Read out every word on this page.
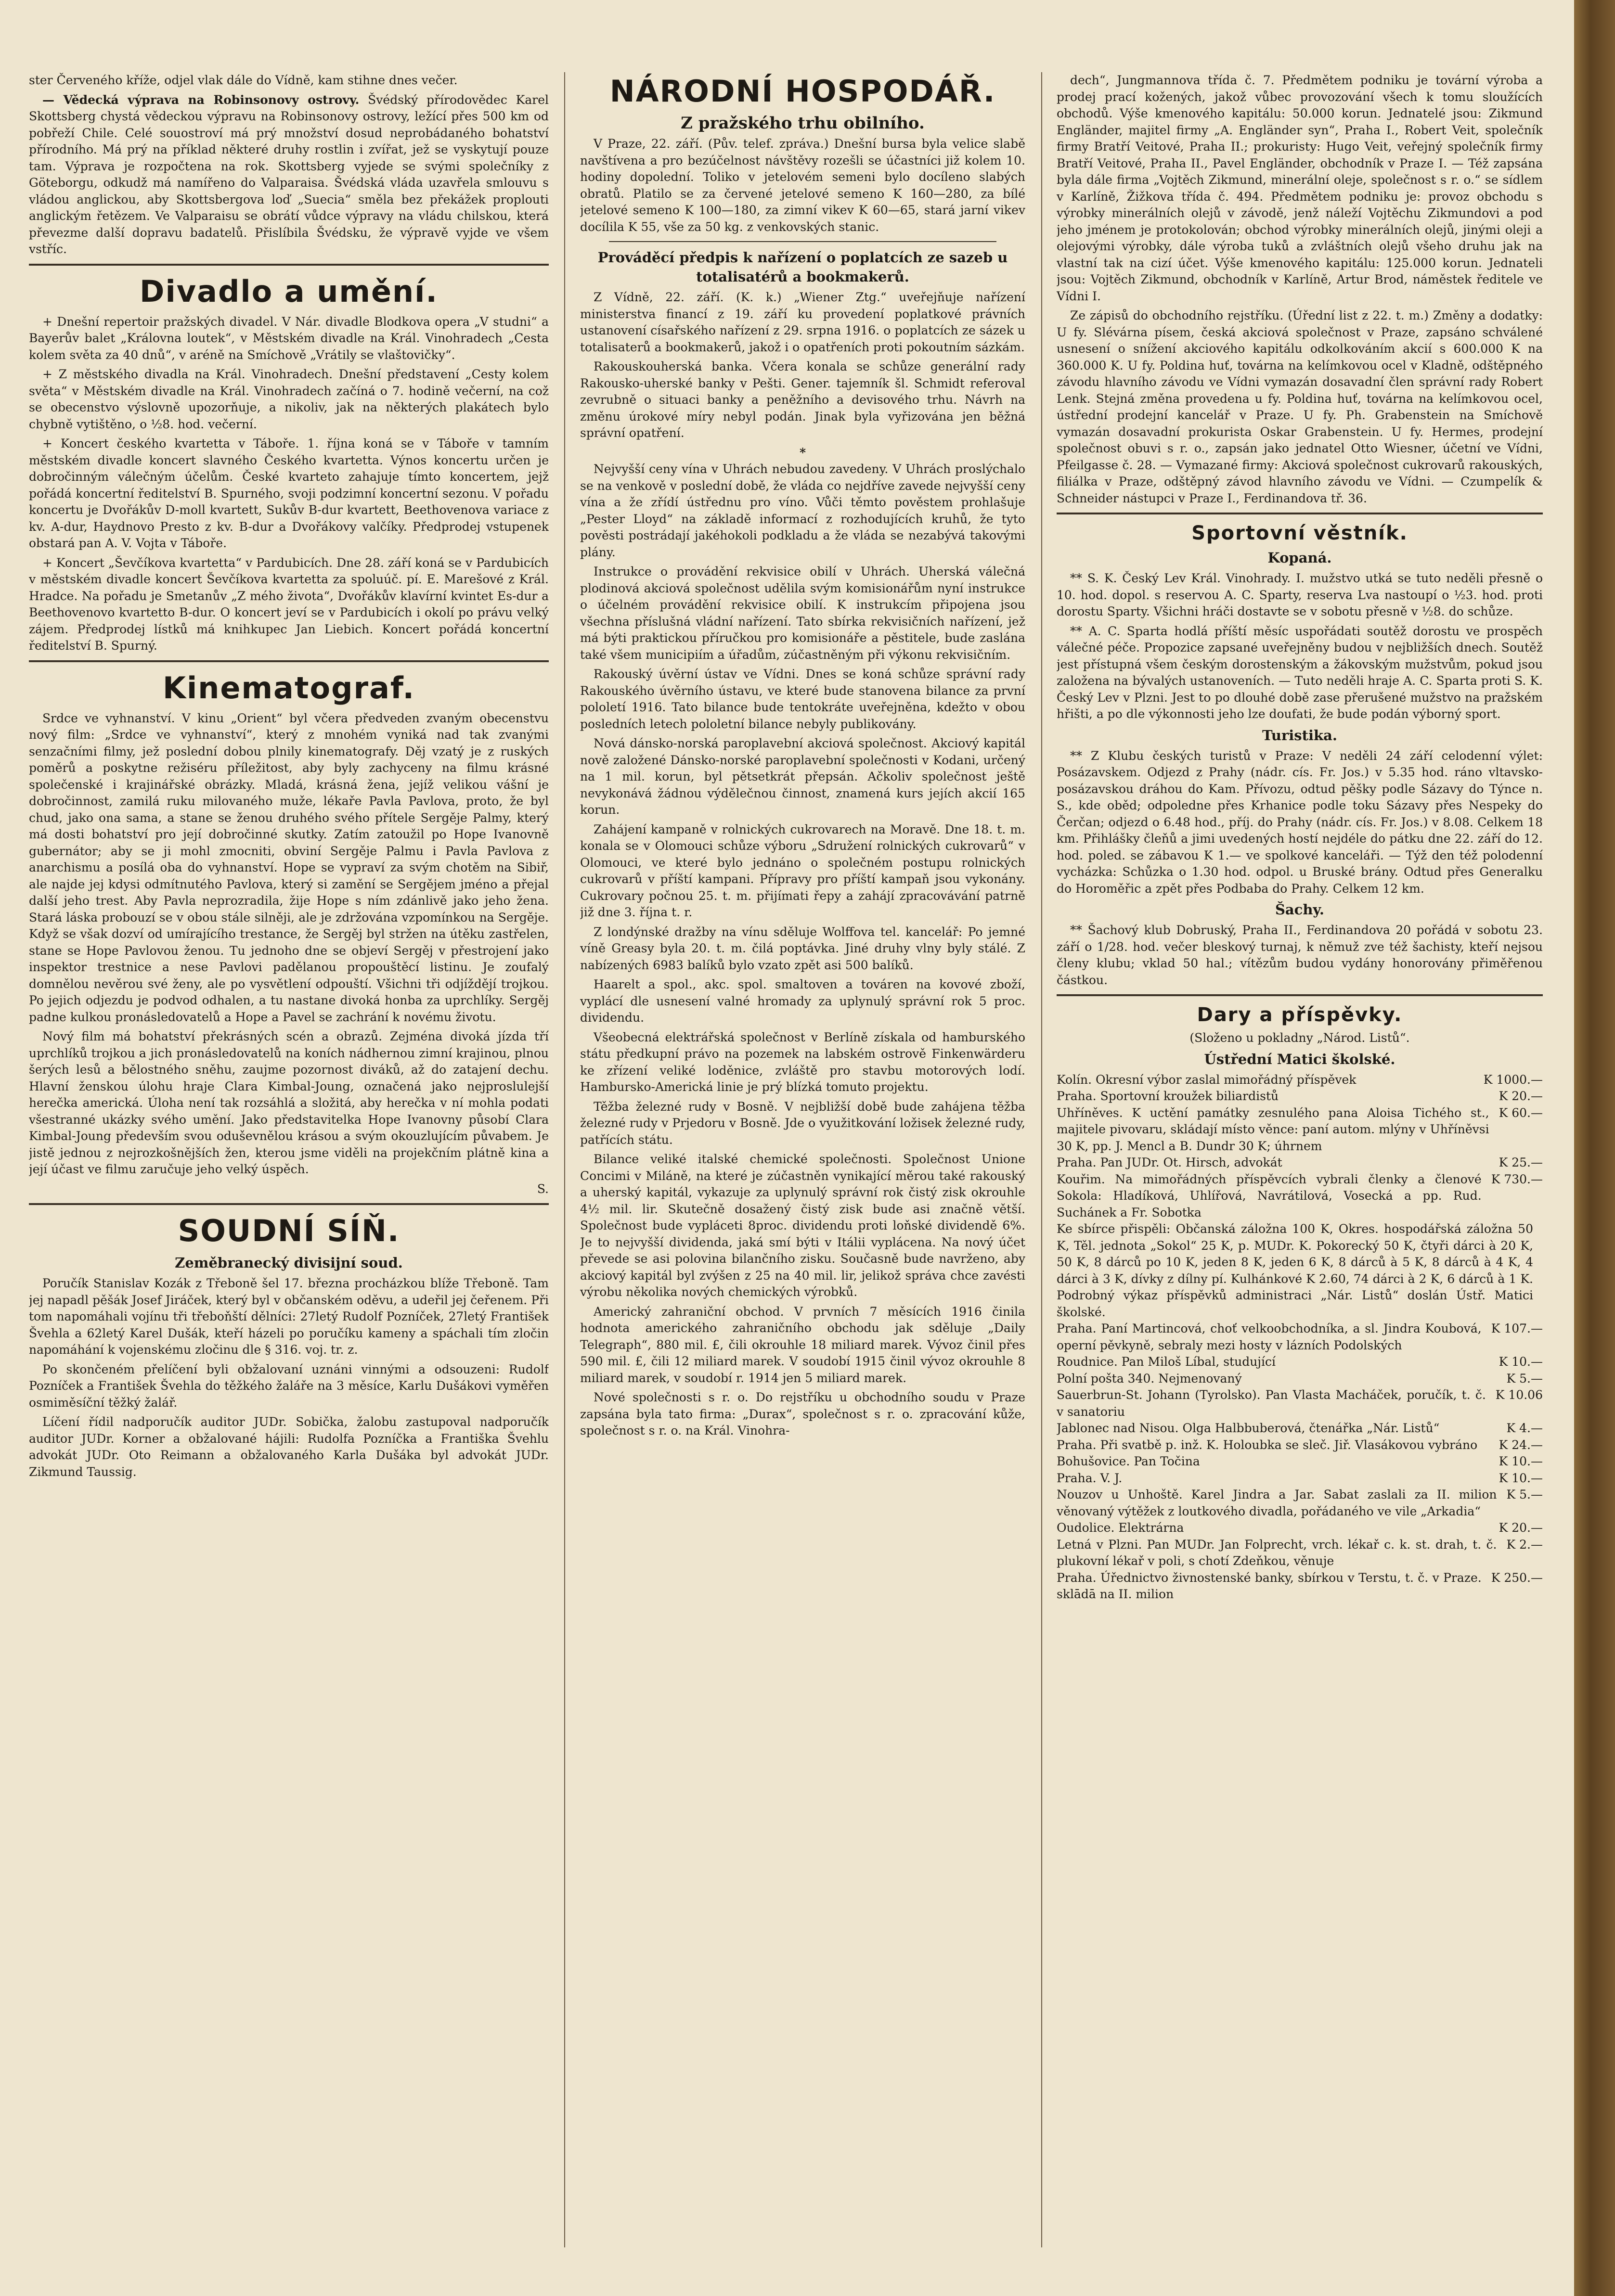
ster Červeného kříže, odjel vlak dále do Vídně, kam stihne dnes večer.

— Vědecká výprava na Robinsonovy ostrovy. Švédský přírodovědec Karel Skottsberg chystá vědeckou výpravu na Robinsonovy ostrovy, ležící přes 500 km od pobřeží Chile. Celé souostroví má prý množství dosud neprobádaného bohatství přírodního. Má prý na příklad některé druhy rostlin i zvířat, jež se vyskytují pouze tam. Výprava je rozpočtena na rok. Skottsberg vyjede se svými společníky z Göteborgu, odkudž má namířeno do Valparaisa. Švédská vláda uzavřela smlouvu s vládou anglickou, aby Skottsbergova loď „Suecia“ směla bez překážek proplouti anglickým řetězem. Ve Valparaisu se obrátí vůdce výpravy na vládu chilskou, která převezme další dopravu badatelů. Přislíbila Švédsku, že výpravě vyjde ve všem vstříc.

Divadlo a umění.

+ Dnešní repertoir pražských divadel. V Nár. divadle Blodkova opera „V studni“ a Bayerův balet „Královna loutek“, v Městském divadle na Král. Vinohradech „Cesta kolem světa za 40 dnů“, v aréně na Smíchově „Vrátily se vlaštovičky“.

+ Z městského divadla na Král. Vinohradech. Dnešní představení „Cesty kolem světa“ v Městském divadle na Král. Vinohradech začíná o 7. hodině večerní, na což se obecenstvo výslovně upozorňuje, a nikoliv, jak na některých plakátech bylo chybně vytištěno, o ½8. hod. večerní.

+ Koncert českého kvartetta v Táboře. 1. října koná se v Táboře v tamním městském divadle koncert slavného Českého kvartetta. Výnos koncertu určen je dobročinným válečným účelům. České kvarteto zahajuje tímto koncertem, jejž pořádá koncertní ředitelství B. Spurného, svoji podzimní koncertní sezonu. V pořadu koncertu je Dvořákův D-moll kvartett, Sukův B-dur kvartett, Beethovenova variace z kv. A-dur, Haydnovo Presto z kv. B-dur a Dvořákovy valčíky. Předprodej vstupenek obstará pan A. V. Vojta v Táboře.

+ Koncert „Ševčíkova kvartetta“ v Pardubicích. Dne 28. září koná se v Pardubicích v městském divadle koncert Ševčíkova kvartetta za spoluúč. pí. E. Marešové z Král. Hradce. Na pořadu je Smetanův „Z mého života“, Dvořákův klavírní kvintet Es-dur a Beethovenovo kvartetto B-dur. O koncert jeví se v Pardubicích i okolí po právu velký zájem. Předprodej lístků má knihkupec Jan Liebich. Koncert pořádá koncertní ředitelství B. Spurný.

Kinematograf.

Srdce ve vyhnanství. V kinu „Orient“ byl včera předveden zvaným obecenstvu nový film: „Srdce ve vyhnanství“, který z mnohém vyniká nad tak zvanými senzačními filmy, jež poslední dobou plnily kinematografy. Děj vzatý je z ruských poměrů a poskytne režiséru příležitost, aby byly zachyceny na filmu krásné společenské i krajinářské obrázky. Mladá, krásná žena, jejíž velikou vášní je dobročinnost, zamilá ruku milovaného muže, lékaře Pavla Pavlova, proto, že byl chud, jako ona sama, a stane se ženou druhého svého přítele Sergěje Palmy, který má dosti bohatství pro její dobročinné skutky. Zatím zatoužil po Hope Ivanovně gubernátor; aby se ji mohl zmocniti, obviní Sergěje Palmu i Pavla Pavlova z anarchismu a posílá oba do vyhnanství. Hope se vypraví za svým chotěm na Sibiř, ale najde jej kdysi odmítnutého Pavlova, který si zamění se Sergějem jméno a přejal další jeho trest. Aby Pavla neprozradila, žije Hope s ním zdánlivě jako jeho žena. Stará láska probouzí se v obou stále silněji, ale je zdržována vzpomínkou na Sergěje. Když se však dozví od umírajícího trestance, že Sergěj byl stržen na útěku zastřelen, stane se Hope Pavlovou ženou. Tu jednoho dne se objeví Sergěj v přestrojení jako inspektor trestnice a nese Pavlovi padělanou propouštěcí listinu. Je zoufalý domnělou nevěrou své ženy, ale po vysvětlení odpouští. Všichni tři odjíždějí trojkou. Po jejich odjezdu je podvod odhalen, a tu nastane divoká honba za uprchlíky. Sergěj padne kulkou pronásledovatelů a Hope a Pavel se zachrání k novému životu.

Nový film má bohatství překrásných scén a obrazů. Zejména divoká jízda tří uprchlíků trojkou a jich pronásledovatelů na koních nádhernou zimní krajinou, plnou šerých lesů a bělostného sněhu, zaujme pozornost diváků, až do zatajení dechu. Hlavní ženskou úlohu hraje Clara Kimbal-Joung, označená jako nejproslulejší herečka americká. Úloha není tak rozsáhlá a složitá, aby herečka v ní mohla podati všestranné ukázky svého umění. Jako představitelka Hope Ivanovny působí Clara Kimbal-Joung především svou oduševnělou krásou a svým okouzlujícím půvabem. Je jistě jednou z nejrozkošnějších žen, kterou jsme viděli na projekčním plátně kina a její účast ve filmu zaručuje jeho velký úspěch.

S.
SOUDNÍ SÍŇ.
Zeměbranecký divisijní soud.

Poručík Stanislav Kozák z Třeboně šel 17. března procházkou blíže Třeboně. Tam jej napadl pěšák Josef Jiráček, který byl v občanském oděvu, a udeřil jej čeřenem. Při tom napomáhali vojínu tři třeboňští dělníci: 27letý Rudolf Pozníček, 27letý František Švehla a 62letý Karel Dušák, kteří házeli po poručíku kameny a spáchali tím zločin napomáhání k vojenskému zločinu dle § 316. voj. tr. z.

Po skončeném přelíčení byli obžalovaní uznáni vinnými a odsouzeni: Rudolf Pozníček a František Švehla do těžkého žaláře na 3 měsíce, Karlu Dušákovi vyměřen osmiměsíční těžký žalář.

Líčení řídil nadporučík auditor JUDr. Sobička, žalobu zastupoval nadporučík auditor JUDr. Korner a obžalované hájili: Rudolfa Pozníčka a Františka Švehlu advokát JUDr. Oto Reimann a obžalovaného Karla Dušáka byl advokát JUDr. Zikmund Taussig.

NÁRODNÍ HOSPODÁŘ.
Z pražského trhu obilního.

V Praze, 22. září. (Pův. telef. zpráva.) Dnešní bursa byla velice slabě navštívena a pro bezúčelnost návštěvy rozešli se účastníci již kolem 10. hodiny dopolední. Toliko v jetelovém semeni bylo docíleno slabých obratů. Platilo se za červené jetelové semeno K 160—280, za bílé jetelové semeno K 100—180, za zimní vikev K 60—65, stará jarní vikev docílila K 55, vše za 50 kg. z venkovských stanic.

Prováděcí předpis k nařízení o poplatcích ze sazeb u totalisatérů a bookmakerů.

Z Vídně, 22. září. (K. k.) „Wiener Ztg.“ uveřejňuje nařízení ministerstva financí z 19. září ku provedení poplatkové právních ustanovení císařského nařízení z 29. srpna 1916. o poplatcích ze sázek u totalisaterů a bookmakerů, jakož i o opatřeních proti pokoutním sázkám.

Rakouskouherská banka. Včera konala se schůze generální rady Rakousko-uherské banky v Pešti. Gener. tajemník šl. Schmidt referoval zevrubně o situaci banky a peněžního a devisového trhu. Návrh na změnu úrokové míry nebyl podán. Jinak byla vyřizována jen běžná správní opatření.

*

Nejvyšší ceny vína v Uhrách nebudou zavedeny. V Uhrách proslýchalo se na venkově v poslední době, že vláda co nejdříve zavede nejvyšší ceny vína a že zřídí ústřednu pro víno. Vůči těmto pověstem prohlašuje „Pester Lloyd“ na základě informací z rozhodujících kruhů, že tyto pověsti postrádají jakéhokoli podkladu a že vláda se nezabývá takovými plány.

Instrukce o provádění rekvisice obilí v Uhrách. Uherská válečná plodinová akciová společnost udělila svým komisionářům nyní instrukce o účelném provádění rekvisice obilí. K instrukcím připojena jsou všechna příslušná vládní nařízení. Tato sbírka rekvisičních nařízení, jež má býti praktickou příručkou pro komisionáře a pěstitele, bude zaslána také všem municipiím a úřadům, zúčastněným při výkonu rekvisičním.

Rakouský úvěrní ústav ve Vídni. Dnes se koná schůze správní rady Rakouského úvěrního ústavu, ve které bude stanovena bilance za první pololetí 1916. Tato bilance bude tentokráte uveřejněna, kdežto v obou posledních letech pololetní bilance nebyly publikovány.

Nová dánsko-norská paroplavební akciová společnost. Akciový kapitál nově založené Dánsko-norské paroplavební společnosti v Kodani, určený na 1 mil. korun, byl pětsetkrát přepsán. Ačkoliv společnost ještě nevykonává žádnou výdělečnou činnost, znamená kurs jejích akcií 165 korun.

Zahájení kampaně v rolnických cukrovarech na Moravě. Dne 18. t. m. konala se v Olomouci schůze výboru „Sdružení rolnických cukrovarů“ v Olomouci, ve které bylo jednáno o společném postupu rolnických cukrovarů v příští kampani. Přípravy pro příští kampaň jsou vykonány. Cukrovary počnou 25. t. m. přijímati řepy a zahájí zpracovávání patrně již dne 3. října t. r.

Z londýnské dražby na vínu sděluje Wolffova tel. kancelář: Po jemné víně Greasy byla 20. t. m. čilá poptávka. Jiné druhy vlny byly stálé. Z nabízených 6983 balíků bylo vzato zpět asi 500 balíků.

Haarelt a spol., akc. spol. smaltoven a továren na kovové zboží, vyplácí dle usnesení valné hromady za uplynulý správní rok 5 proc. dividendu.

Všeobecná elektrářská společnost v Berlíně získala od hamburského státu předkupní právo na pozemek na labském ostrově Finkenwärderu ke zřízení veliké loděnice, zvláště pro stavbu motorových lodí. Hambursko-Americká linie je prý blízká tomuto projektu.

Těžba železné rudy v Bosně. V nejbližší době bude zahájena těžba železné rudy v Prjedoru v Bosně. Jde o využitkování ložisek železné rudy, patřících státu.

Bilance veliké italské chemické společnosti. Společnost Unione Concimi v Miláně, na které je zúčastněn vynikající měrou také rakouský a uherský kapitál, vykazuje za uplynulý správní rok čistý zisk okrouhle 4½ mil. lir. Skutečně dosažený čistý zisk bude asi značně větší. Společnost bude vypláceti 8proc. dividendu proti loňské dividendě 6%. Je to nejvyšší dividenda, jaká smí býti v Itálii vyplácena. Na nový účet převede se asi polovina bilančního zisku. Současně bude navrženo, aby akciový kapitál byl zvýšen z 25 na 40 mil. lir, jelikož správa chce zavésti výrobu několika nových chemických výrobků.

Americký zahraniční obchod. V prvních 7 měsících 1916 činila hodnota amerického zahraničního obchodu jak sděluje „Daily Telegraph“, 880 mil. £, čili okrouhle 18 miliard marek. Vývoz činil přes 590 mil. £, čili 12 miliard marek. V soudobí 1915 činil vývoz okrouhle 8 miliard marek, v soudobí r. 1914 jen 5 miliard marek.

Nové společnosti s r. o. Do rejstříku u obchodního soudu v Praze zapsána byla tato firma: „Durax“, společnost s r. o. zpracování kůže, společnost s r. o. na Král. Vinohra-

dech“, Jungmannova třída č. 7. Předmětem podniku je tovární výroba a prodej prací kožených, jakož vůbec provozování všech k tomu sloužících obchodů. Výše kmenového kapitálu: 50.000 korun. Jednatelé jsou: Zikmund Engländer, majitel firmy „A. Engländer syn“, Praha I., Robert Veit, společník firmy Bratří Veitové, Praha II.; prokuristy: Hugo Veit, veřejný společník firmy Bratří Veitové, Praha II., Pavel Engländer, obchodník v Praze I. — Též zapsána byla dále firma „Vojtěch Zikmund, minerální oleje, společnost s r. o.“ se sídlem v Karlíně, Žižkova třída č. 494. Předmětem podniku je: provoz obchodu s výrobky minerálních olejů v závodě, jenž náleží Vojtěchu Zikmundovi a pod jeho jménem je protokolován; obchod výrobky minerálních olejů, jinými oleji a olejovými výrobky, dále výroba tuků a zvláštních olejů všeho druhu jak na vlastní tak na cizí účet. Výše kmenového kapitálu: 125.000 korun. Jednateli jsou: Vojtěch Zikmund, obchodník v Karlíně, Artur Brod, náměstek ředitele ve Vídni I.

Ze zápisů do obchodního rejstříku. (Úřední list z 22. t. m.) Změny a dodatky: U fy. Slévárna písem, česká akciová společnost v Praze, zapsáno schválené usnesení o snížení akciového kapitálu odkolkováním akcií s 600.000 K na 360.000 K. U fy. Poldina huť, továrna na kelímkovou ocel v Kladně, odštěpného závodu hlavního závodu ve Vídni vymazán dosavadní člen správní rady Robert Lenk. Stejná změna provedena u fy. Poldina huť, továrna na kelímkovou ocel, ústřední prodejní kancelář v Praze. U fy. Ph. Grabenstein na Smíchově vymazán dosavadní prokurista Oskar Grabenstein. U fy. Hermes, prodejní společnost obuvi s r. o., zapsán jako jednatel Otto Wiesner, účetní ve Vídni, Pfeilgasse č. 28. — Vymazané firmy: Akciová společnost cukrovarů rakouských, filiálka v Praze, odštěpný závod hlavního závodu ve Vídni. — Czumpelík & Schneider nástupci v Praze I., Ferdinandova tř. 36.

Sportovní věstník.
Kopaná.

** S. K. Český Lev Král. Vinohrady. I. mužstvo utká se tuto neděli přesně o 10. hod. dopol. s reservou A. C. Sparty, reserva Lva nastoupí o ½3. hod. proti dorostu Sparty. Všichni hráči dostavte se v sobotu přesně v ½8. do schůze.

** A. C. Sparta hodlá příští měsíc uspořádati soutěž dorostu ve prospěch válečné péče. Propozice zapsané uveřejněny budou v nejbližších dnech. Soutěž jest přístupná všem českým dorostenským a žákovským mužstvům, pokud jsou založena na bývalých ustanoveních. — Tuto neděli hraje A. C. Sparta proti S. K. Český Lev v Plzni. Jest to po dlouhé době zase přerušené mužstvo na pražském hřišti, a po dle výkonnosti jeho lze doufati, že bude podán výborný sport.

Turistika.

** Z Klubu českých turistů v Praze: V neděli 24 září celodenní výlet: Posázavskem. Odjezd z Prahy (nádr. cís. Fr. Jos.) v 5.35 hod. ráno vltavsko-posázavskou dráhou do Kam. Přívozu, odtud pěšky podle Sázavy do Týnce n. S., kde oběd; odpoledne přes Krhanice podle toku Sázavy přes Nespeky do Čerčan; odjezd o 6.48 hod., příj. do Prahy (nádr. cís. Fr. Jos.) v 8.08. Celkem 18 km. Přihlášky čleňů a jimi uvedených hostí nejdéle do pátku dne 22. září do 12. hod. poled. se zábavou K 1.— ve spolkové kanceláři. — Týž den též polodenní vycházka: Schůzka o 1.30 hod. odpol. u Bruské brány. Odtud přes Generalku do Horoměřic a zpět přes Podbaba do Prahy. Celkem 12 km.

Šachy.

** Šachový klub Dobruský, Praha II., Ferdinandova 20 pořádá v sobotu 23. září o 1/28. hod. večer bleskový turnaj, k němuž zve též šachisty, kteří nejsou členy klubu; vklad 50 hal.; vítězům budou vydány honorovány přiměřenou částkou.

Dary a příspěvky.
(Složeno u pokladny „Národ. Listů“.
Ústřední Matici školské.
Kolín. Okresní výbor zaslal mimořádný příspěvek	K 1000.—
Praha. Sportovní kroužek biliardistů	K 20.—
Uhříněves. K uctění památky zesnulého pana Aloisa Tichého st., majitele pivovaru, skládají místo věnce: paní autom. mlýny v Uhříněvsi 30 K, pp. J. Mencl a B. Dundr 30 K; úhrnem
K 60.—
Praha. Pan JUDr. Ot. Hirsch, advokát	K 25.—
Kouřim. Na mimořádných příspěvcích vybrali členky a členové Sokola: Hladíková, Uhlířová, Navrátilová, Vosecká a pp. Rud. Suchánek a Fr. Sobotka
K 730.—
Ke sbírce přispěli: Občanská záložna 100 K, Okres. hospodářská záložna 50 K, Těl. jednota „Sokol“ 25 K, p. MUDr. K. Pokorecký 50 K, čtyři dárci à 20 K, 50 K, 8 dárců po 10 K, jeden 8 K, jeden 6 K, 8 dárců à 5 K, 8 dárců à 4 K, 4 dárci à 3 K, dívky z dílny pí. Kulhánkové K 2.60, 74 dárci à 2 K, 6 dárců à 1 K. Podrobný výkaz příspěvků administraci „Nár. Listů“ doslán Ústř. Matici školské.
Praha. Paní Martincová, choť velkoobchodníka, a sl. Jindra Koubová, operní pěvkyně, sebraly mezi hosty v lázních Podolských
K 107.—
Roudnice. Pan Miloš Líbal, studující	K 10.—
Polní pošta 340. Nejmenovaný	K 5.—
Sauerbrun-St. Johann (Tyrolsko). Pan Vlasta Macháček, poručík, t. č. v sanatoriu
K 10.06
Jablonec nad Nisou. Olga Halbbuberová, čtenářka „Nár. Listů“	K 4.—
Praha. Při svatbě p. inž. K. Holoubka se sleč. Jiř. Vlasákovou vybráno	K 24.—
Bohušovice. Pan Točina	K 10.—
Praha. V. J.	K 10.—
Nouzov u Unhoště. Karel Jindra a Jar. Sabat zaslali za II. milion věnovaný výtěžek z loutkového divadla, pořádaného ve vile „Arkadia“
K 5.—
Oudolice. Elektrárna	K 20.—
Letná v Plzni. Pan MUDr. Jan Folprecht, vrch. lékař c. k. st. drah, t. č. plukovní lékař v poli, s chotí Zdeňkou, věnuje
K 2.—
Praha. Úřednictvo živnostenské banky, sbírkou v Terstu, t. č. v Praze. sklādā na II. milion
K 250.—
